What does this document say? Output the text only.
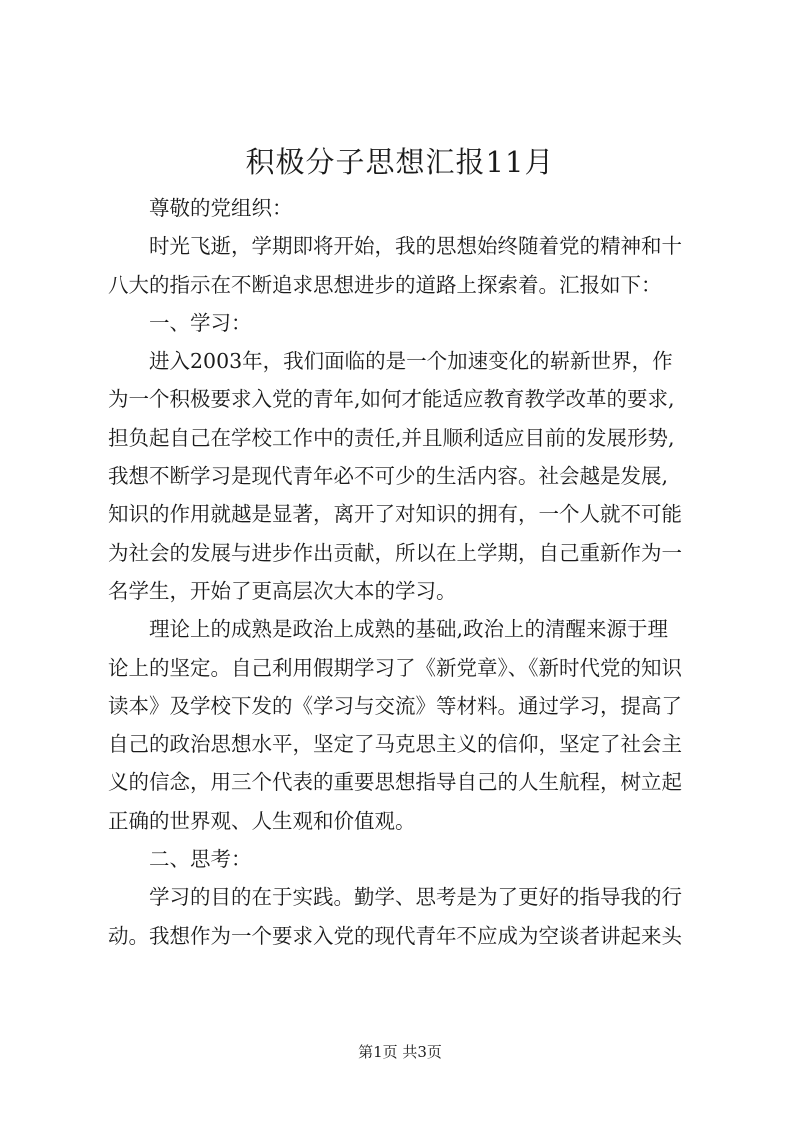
积极分子思想汇报11月
尊敬的党组织：
时光飞逝，学期即将开始，我的思想始终随着党的精神和十
八大的指示在不断追求思想进步的道路上探索着。汇报如下：
一、学习：
进入2003年，我们面临的是一个加速变化的崭新世界，作
为一个积极要求入党的青年,如何才能适应教育教学改革的要求,
担负起自己在学校工作中的责任,并且顺利适应目前的发展形势,
我想不断学习是现代青年必不可少的生活内容。社会越是发展,
知识的作用就越是显著，离开了对知识的拥有，一个人就不可能
为社会的发展与进步作出贡献，所以在上学期，自己重新作为一
名学生，开始了更高层次大本的学习。
理论上的成熟是政治上成熟的基础,政治上的清醒来源于理
论上的坚定。自己利用假期学习了《新党章》、《新时代党的知识
读本》及学校下发的《学习与交流》等材料。通过学习，提高了
自己的政治思想水平，坚定了马克思主义的信仰，坚定了社会主
义的信念，用三个代表的重要思想指导自己的人生航程，树立起
正确的世界观、人生观和价值观。
二、思考：
学习的目的在于实践。勤学、思考是为了更好的指导我的行
动。我想作为一个要求入党的现代青年不应成为空谈者讲起来头
第1页 共3页
